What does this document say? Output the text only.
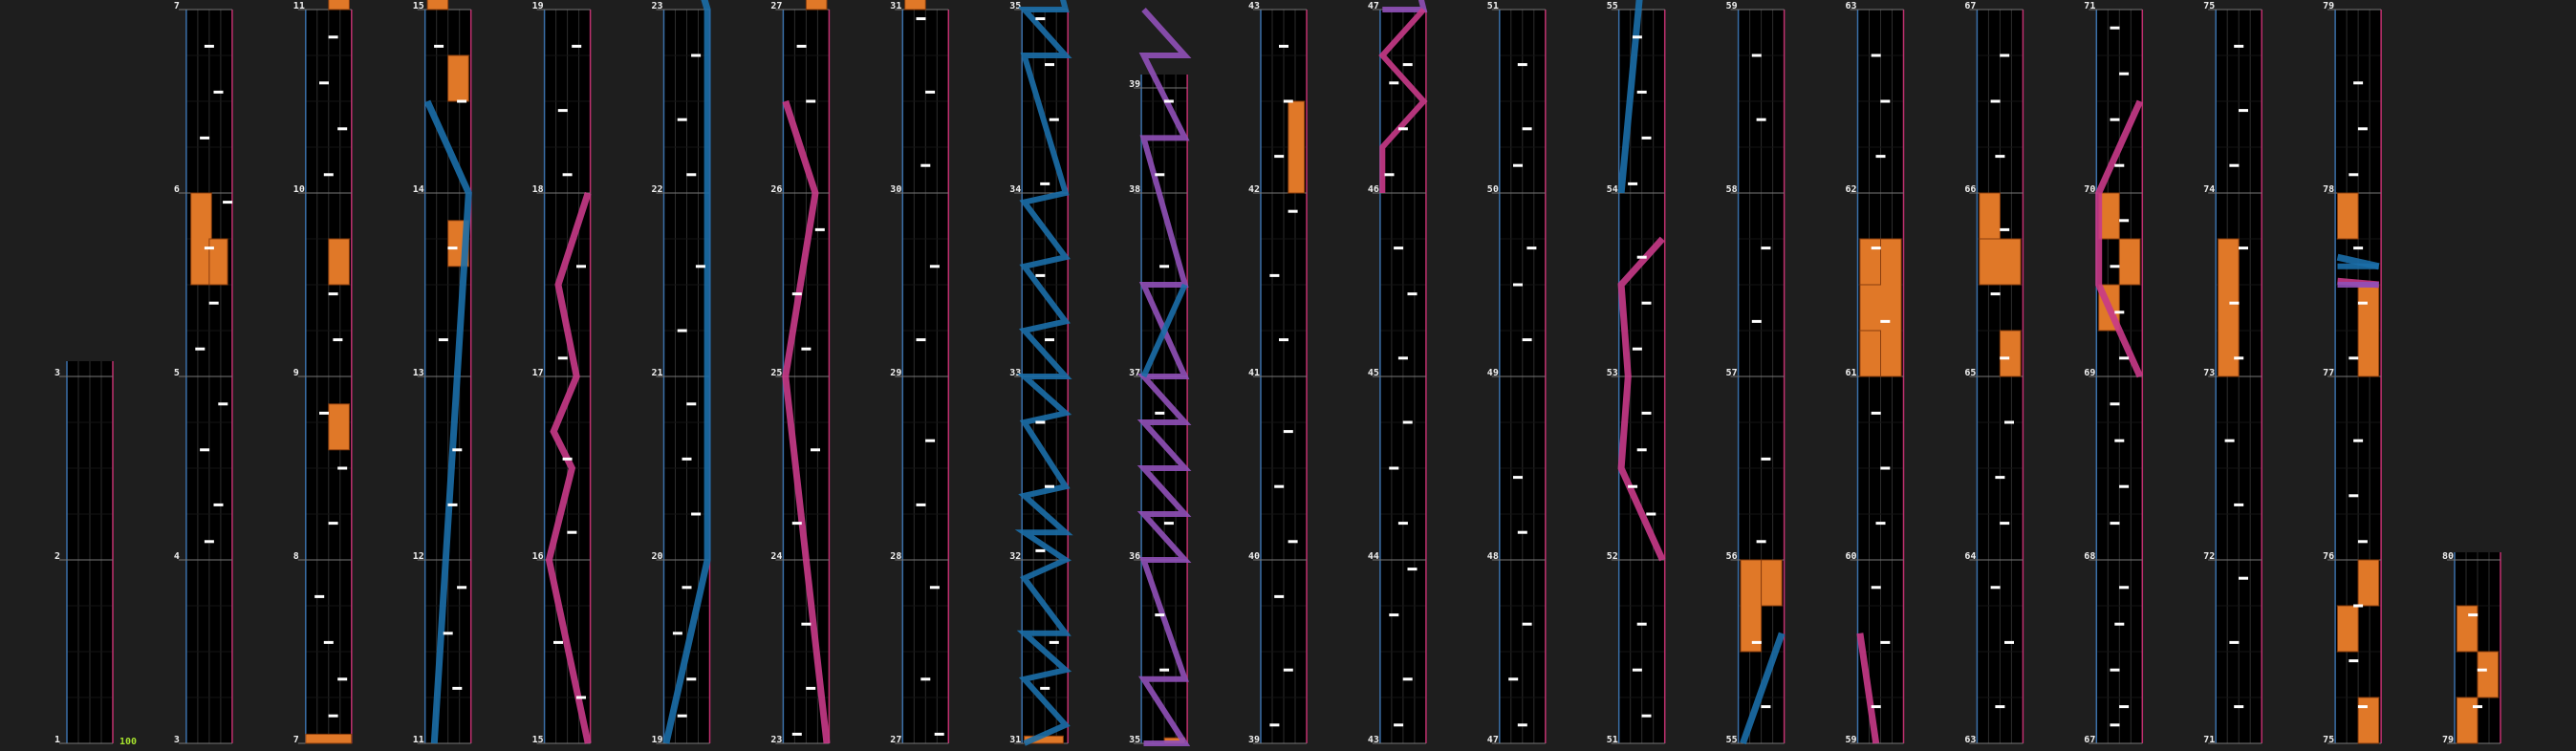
1
2
3
3
4
5
6
7
7
8
9
10
11
11
12
13
14
15
15
16
17
18
19
19
20
21
22
23
23
24
25
26
27
27
28
29
30
31
31
32
33
34
35
35
36
37
38
39
39
40
41
42
43
43
44
45
46
47
47
48
49
50
51
51
52
53
54
55
55
56
57
58
59
59
60
61
62
63
63
64
65
66
67
67
68
69
70
71
71
72
73
74
75
75
76
77
78
79
79
80
100
